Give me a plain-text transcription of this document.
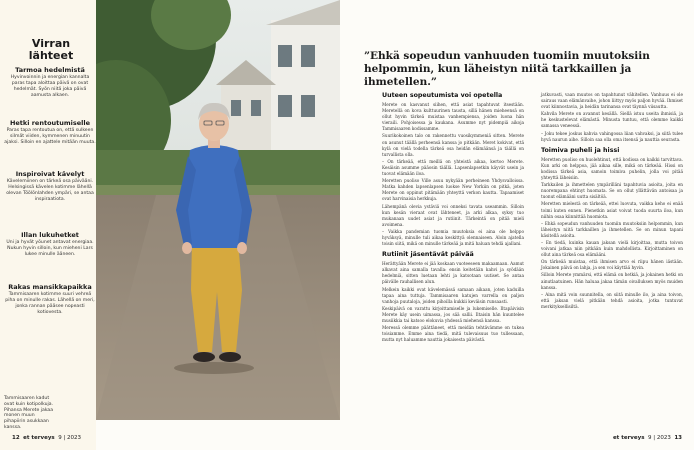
Virran lähteet
Tarmoa hedelmistä
Hyvinvoinnin ja energian kannalta paras tapa aloittaa päivä on ovat hedelmät. Syön niitä joka päivä aamusta alkaen.
Hetki rentoutumiselle
Paras tapa rentoutua on, että sulkeen silmät viiden, kymmenen minuutin ajaksi. Silloin en ajattele mitään muuta.
Inspiroivat kävelyt
Kävelemiinen on tärkeä osa päivääni. Helsingissä kävelen kotimme lähellä olevan Töölönlahden ympäri, se antaa inspiraatiota.
Illan lukuhetket
Uni ja hyvät yöunet antavat energiaa. Nukun hyvin silloin, kun mieheni Lars lukee minulle ääneen.
Rakas mansikkapaikka
Tammisaaren kotimme suuri vehreä piha on minulle rakas. Lähellä on meri, jonka rannan pääsee nopeasti kotiovesta.
Tammisaaren kadut ovat kuin kotipolkuja. Pihansa Merete jakaa monen muun pihapiirin asukkaan kanssa.
12 et terveys 9 | 2023
”Ehkä sopeudun vanhuuden tuomiin muutoksiin helpommin, kun läheistyn niitä tarkkaillen ja ihmetellen.”
Uuteen sopeutumista voi opetella

Merete on kasvanut siihen, että asiat tapahtuvat itsestään. Meretellä on kova kulttuurinen tausta, sillä hänen mieheensä on ollut hyvin tärkeä muistaa vanhempiensa, joiden luona hän vieraili. Pohjoisessa ja kaukana. Asumme nyt pidempiä aikoja Tammisaaren kodissamme.

Suurikokoinen talo on rakennettu vuosikymmeniä sitten. Merete on asunut täällä perheensä kanssa jo pitkään. Meret kokivat, että kylä on vielä todella tärkeä osa heidän elämäänsä ja täällä on turvallista olla.

– On tärkeää, että meillä on yhteistä aikaa, kertoo Merete. Kesäisin asumme pääosin täällä. Lapsenlapsetkin käyvät usein ja tuovat elämään iloa.

Meretten puoliso Ville asuu nykyään perheineen Yhdysvalloissa. Matka kahden lapsenlapsen luokse New Yorkiin on pitkä, joten Merete on oppinut pitämään yhteyttä verkon kautta. Tapaamiset ovat harvinaisia herkkuja.

Lähempänä olevia ystäviä voi onneksi tavata useammin. Silloin kun kesän vieraat ovat lähteneet, ja arki alkaa, syksy tuo mukanaan uudet asiat ja rutiinit. Tärkeintä on pitää mieli avoimena.

– Vaikka pandemian tuomia muutoksia ei aina ole helppo hyväksyä, minulle tuli aikaa keskittyä olennaiseen. Aloin ajatella toisin siitä, mikä on minulle tärkeää ja mitä haluan tehdä ajallani.

Rutiinit jäsentävät päivää

Herättyään Merete ei jää koskaan vuoteeseen makaamaan. Aamut alkavat aina samalla tavalla: ensin keitetään kahvi ja syödään hedelmiä, sitten luetaan lehti ja katsotaan uutiset. Se antaa päivälle rauhallisen alun.

Melkein kaikki ovat kävelemässä samaan aikaan, joten kaduilla tapaa aina tuttuja. Tammisaaren katujen varrella on paljon vanhoja puutaloja, joiden pihoilla kukkii keväisin runsaasti.

Keskipäivä on varattu kirjoittamiselle ja lukemiselle. Iltapäivisin Merete käy usein uimassa, jos sää sallii. Iltaisin hän kuuntelee musiikkia tai katsoo elokuvia yhdessä miehensä kanssa.

Meressä olemme päättäneet, että meidän tehtävämme on tukea toisiamme. Emme aina tiedä, mitä tulevaisuus tuo tullessaan, mutta nyt haluamme nauttia jokaisesta päivästä.

jatkuvasti, vaan muutos on tapahtunut vähitellen. Vanhuus ei ole sairaus vaan elämänvaihe, johon liittyy myös paljon hyvää. Ihmiset ovat kiinnostavia, ja heidän tarinansa ovat täynnä viisautta.

Kahvila Merete on avannut kesällä. Siellä istuu useita ihmisiä, ja he keskustelevat elämästä. Minusta tuntuu, että olemme kaikki samassa veneessä.

– Joku tekee joskus kahvia vahingossa liian vahvaksi, ja siitä tulee hyvä naurun aihe. Silloin saa olla oma itsensä ja nauttia seurasta.

Toimiva puheli ja hissi

Meretten puoliso on huolehtinut, että kodissa on kaikki tarvittava. Kun arki on helppoa, jää aikaa sille, mikä on tärkeää. Hissi on kodissa tärkeä asia, samoin toimiva puhelin, jolla voi pitää yhteyttä läheisiin.

Tarkkailen ja ihmettelen ympärilläni tapahtuvia asioita, joita en nuorempana ehtinyt huomata. Se on ollut yllättävän antoisaa ja tuonut elämääni uutta sisältöä.

Meretten mielestä on tärkeää, ettei luovuta, vaikka keho ei enää toimi kuten ennen. Pienetkin asiat voivat tuoda suurta iloa, kun niihin osaa kiinnittää huomiota.

– Ehkä sopeudun vanhuuden tuomiin muutoksiin helpommin, kun läheistyn niitä tarkkaillen ja ihmetellen. Se on minun tapani käsitellä asioita.

– En tiedä, kuinka kauan jaksan vielä kirjoittaa, mutta toivon voivani jatkaa niin pitkään kuin mahdollista. Kirjoittaminen on ollut aina tärkeä osa elämääni.

On tärkeää muistaa, että ihmisen arvo ei riipu hänen iästään. Jokainen päivä on lahja, ja sen voi käyttää hyvin.

Silloin Merete ymmärsi, että elämä on hetkiä, ja jokainen hetki on ainutlaatuinen. Hän haluaa jakaa tämän oivalluksen myös muiden kanssa.

– Aina mitä voin suunnitella, on siitä minulle ilo, ja aina toivon, että jaksan vielä pitkään tehdä asioita, jotka tuntuvat merkityksellisiltä.

et terveys 9 | 2023 13
